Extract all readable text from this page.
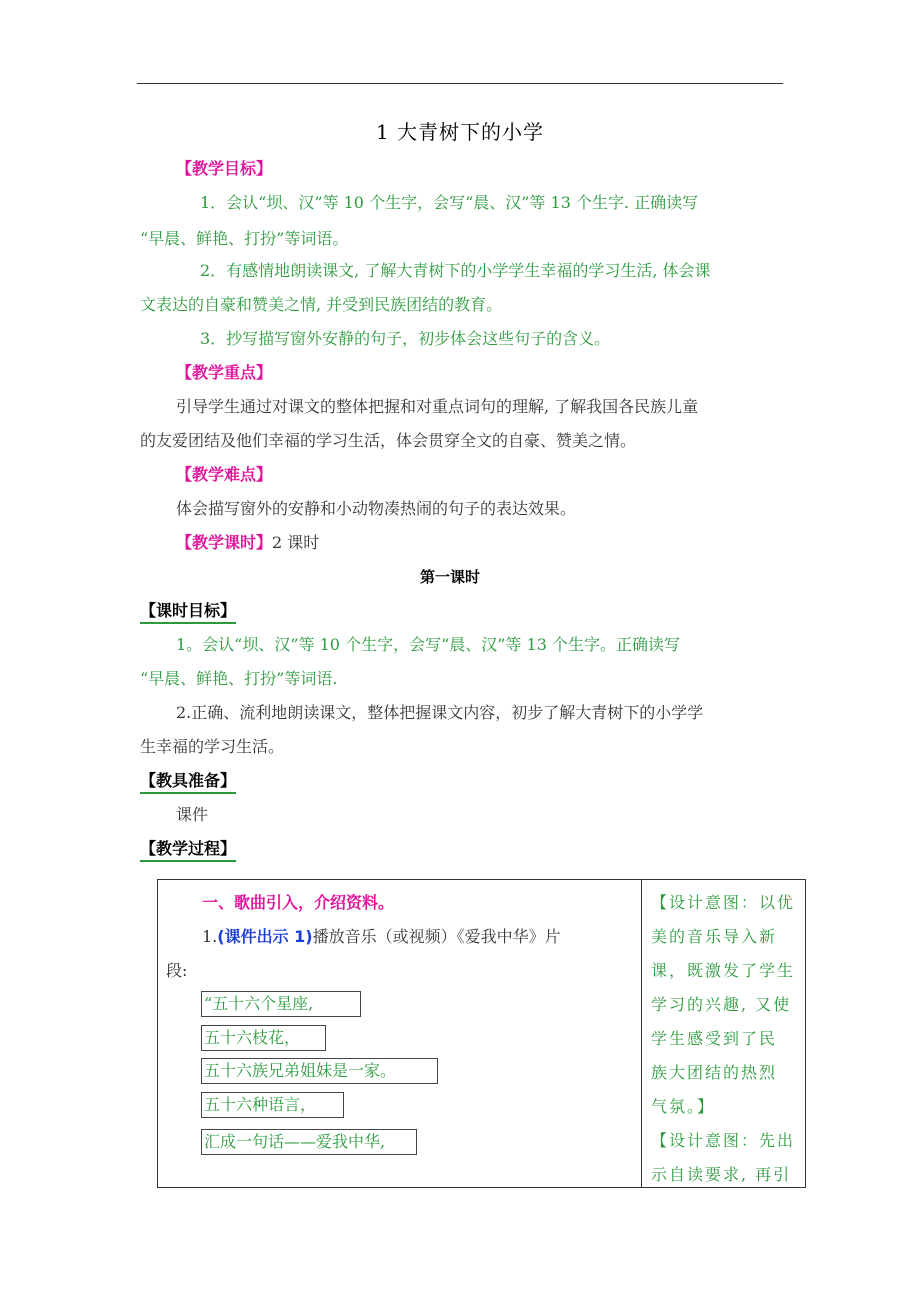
1 大青树下的小学
【教学目标】
1．会认“坝、汉”等 10 个生字，会写“晨、汉”等 13 个生字. 正确读写
“早晨、鲜艳、打扮”等词语。
2．有感情地朗读课文, 了解大青树下的小学学生幸福的学习生活, 体会课
文表达的自豪和赞美之情, 并受到民族团结的教育。
3．抄写描写窗外安静的句子，初步体会这些句子的含义。
【教学重点】
引导学生通过对课文的整体把握和对重点词句的理解, 了解我国各民族儿童
的友爱团结及他们幸福的学习生活，体会贯穿全文的自豪、赞美之情。
【教学难点】
体会描写窗外的安静和小动物凑热闹的句子的表达效果。
【教学课时】2 课时
第一课时
【课时目标】
1。会认“坝、汉”等 10 个生字，会写“晨、汉”等 13 个生字。正确读写
“早晨、鲜艳、打扮”等词语.
2.正确、流利地朗读课文，整体把握课文内容，初步了解大青树下的小学学
生幸福的学习生活。
【教具准备】
课件
【教学过程】
一、歌曲引入，介绍资料。
1.(课件出示 1)播放音乐（或视频）《爱我中华》片
段:
“五十六个星座,
五十六枝花，
五十六族兄弟姐妹是一家。
五十六种语言，
汇成一句话——爱我中华,
【设计意图：以优
美的音乐导入新
课，既激发了学生
学习的兴趣, 又使
学生感受到了民
族大团结的热烈
气氛。】
【设计意图：先出
示自读要求, 再引
